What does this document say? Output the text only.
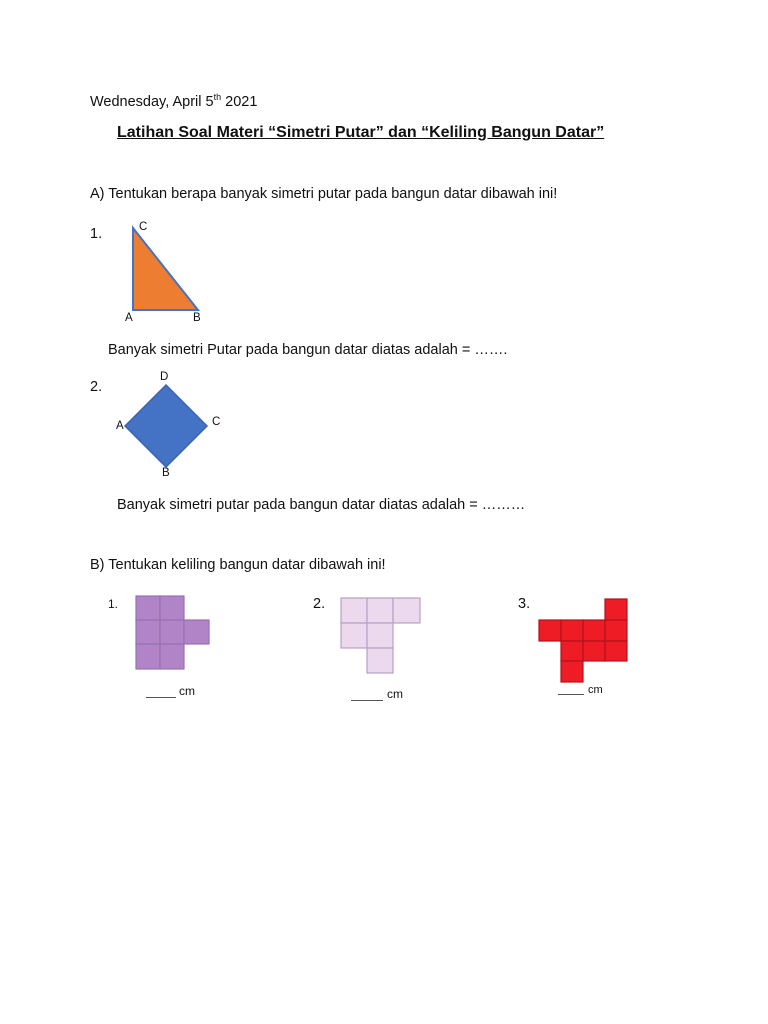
Wednesday, April 5th 2021
Latihan Soal Materi “Simetri Putar” dan “Keliling Bangun Datar”
A) Tentukan berapa banyak simetri putar pada bangun datar dibawah ini!
1.	C
A	B
Banyak simetri Putar pada bangun datar diatas adalah = …….
2.
D
A	C
B
Banyak simetri putar pada bangun datar diatas adalah = ………
B) Tentukan keliling bangun datar dibawah ini!
1.
cm
2.
cm
3.
cm
